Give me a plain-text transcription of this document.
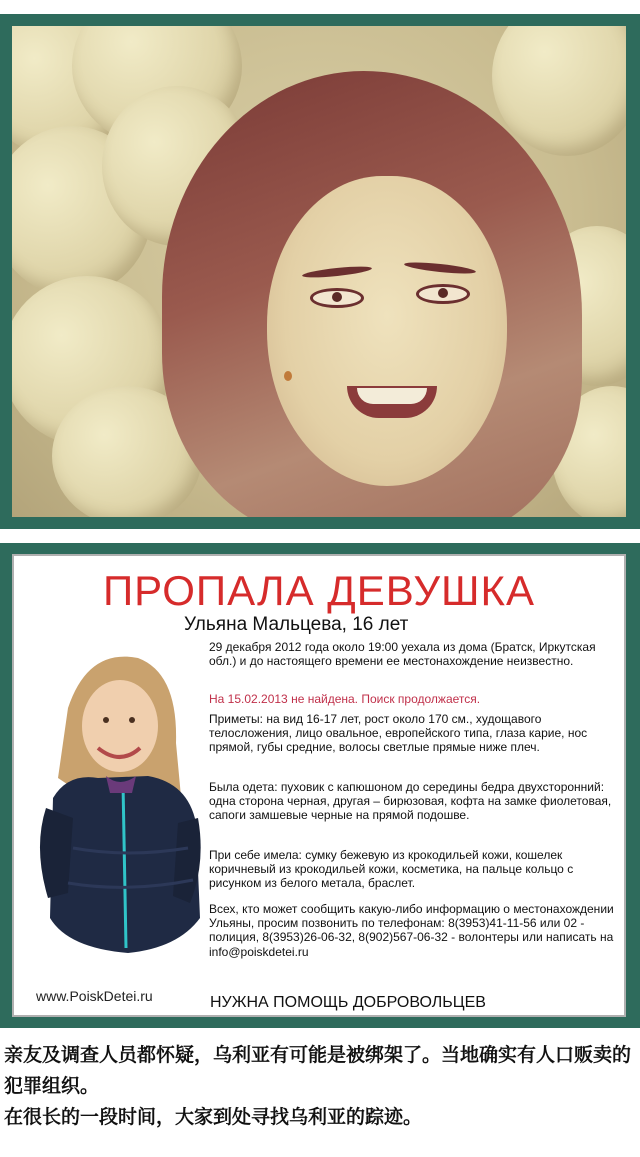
ПРОПАЛА ДЕВУШКА
Ульяна Мальцева, 16 лет
29 декабря 2012 года около 19:00 уехала из дома (Братск, Иркутская обл.) и до настоящего времени ее местонахождение неизвестно.
На 15.02.2013 не найдена. Поиск продолжается.
Приметы: на вид 16-17 лет, рост около 170 см., худощавого телосложения, лицо овальное, европейского типа, глаза карие, нос прямой, губы средние, волосы светлые прямые ниже плеч.
Была одета: пуховик с капюшоном до середины бедра двухсторонний: одна сторона черная, другая – бирюзовая, кофта на замке фиолетовая, сапоги замшевые черные на прямой подошве.
При себе имела: сумку бежевую из крокодильей кожи, кошелек коричневый из крокодильей кожи, косметика, на пальце кольцо с рисунком из белого метала, браслет.
Всех, кто может сообщить какую-либо информацию о местонахождении Ульяны, просим позвонить по телефонам: 8(3953)41-11-56 или 02 - полиция, 8(3953)26-06-32, 8(902)567-06-32 - волонтеры или написать на info@poiskdetei.ru
www.PoiskDetei.ru	НУЖНА ПОМОЩЬ ДОБРОВОЛЬЦЕВ

亲友及调查人员都怀疑，乌利亚有可能是被绑架了。当地确实有人口贩卖的犯罪组织。

在很长的一段时间，大家到处寻找乌利亚的踪迹。
